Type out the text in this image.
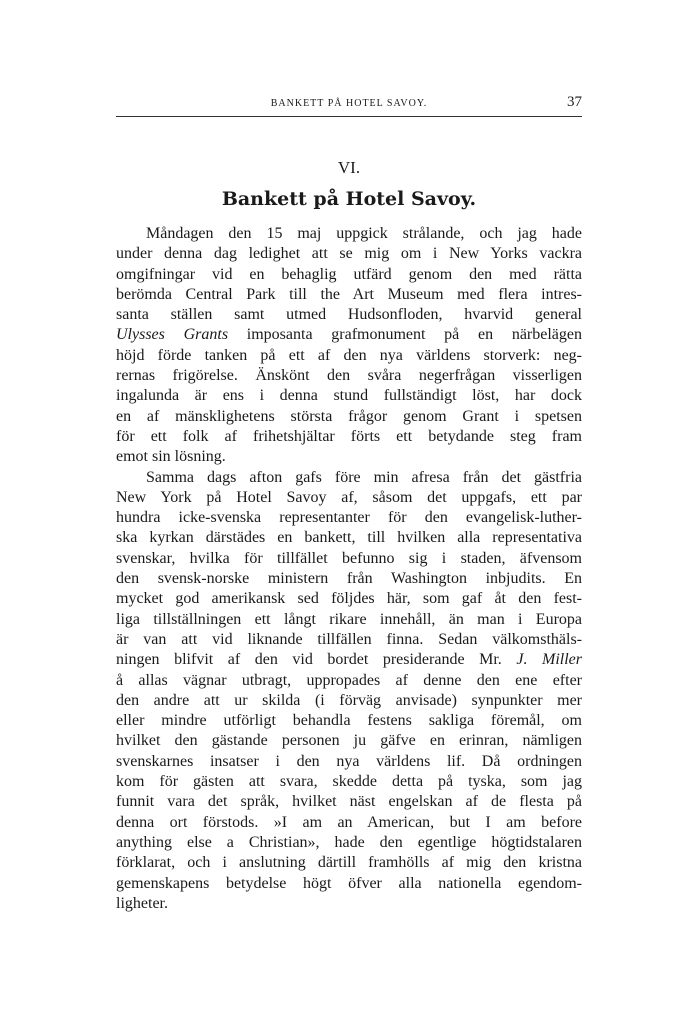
BANKETT PÅ HOTEL SAVOY.	37
VI.
Bankett på Hotel Savoy.
Måndagen den 15 maj uppgick strålande, och jag hade
under denna dag ledighet att se mig om i New Yorks vackra
omgifningar vid en behaglig utfärd genom den med rätta
berömda Central Park till the Art Museum med flera intres-
santa ställen samt utmed Hudsonfloden, hvarvid general
Ulysses Grants imposanta grafmonument på en närbelägen
höjd förde tanken på ett af den nya världens storverk: neg-
rernas frigörelse. Änskönt den svåra negerfrågan visserligen
ingalunda är ens i denna stund fullständigt löst, har dock
en af mänsklighetens största frågor genom Grant i spetsen
för ett folk af frihetshjältar förts ett betydande steg fram
emot sin lösning.
Samma dags afton gafs före min afresa från det gästfria
New York på Hotel Savoy af, såsom det uppgafs, ett par
hundra icke-svenska representanter för den evangelisk-luther-
ska kyrkan därstädes en bankett, till hvilken alla representativa
svenskar, hvilka för tillfället befunno sig i staden, äfvensom
den svensk-norske ministern från Washington inbjudits. En
mycket god amerikansk sed följdes här, som gaf åt den fest-
liga tillställningen ett långt rikare innehåll, än man i Europa
är van att vid liknande tillfällen finna. Sedan välkomsthäls-
ningen blifvit af den vid bordet presiderande Mr. J. Miller
å allas vägnar utbragt, uppropades af denne den ene efter
den andre att ur skilda (i förväg anvisade) synpunkter mer
eller mindre utförligt behandla festens sakliga föremål, om
hvilket den gästande personen ju gäfve en erinran, nämligen
svenskarnes insatser i den nya världens lif. Då ordningen
kom för gästen att svara, skedde detta på tyska, som jag
funnit vara det språk, hvilket näst engelskan af de flesta på
denna ort förstods. »I am an American, but I am before
anything else a Christian», hade den egentlige högtidstalaren
förklarat, och i anslutning därtill framhölls af mig den kristna
gemenskapens betydelse högt öfver alla nationella egendom-
ligheter.
